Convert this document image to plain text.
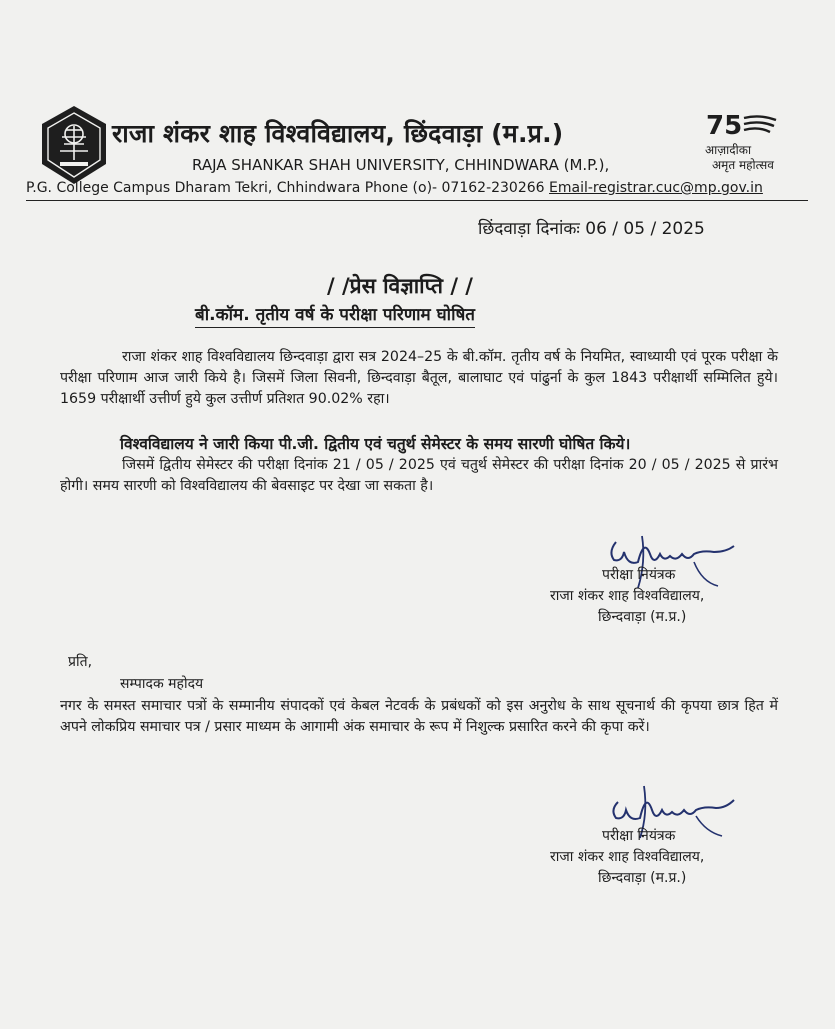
राजा शंकर शाह विश्वविद्यालय, छिंदवाड़ा (म.प्र.)
RAJA SHANKAR SHAH UNIVERSITY, CHHINDWARA (M.P.),
P.G. College Campus Dharam Tekri, Chhindwara Phone (o)- 07162-230266 Email-registrar.cuc@mp.gov.in
75
आज़ादीका
अमृत महोत्सव
छिंदवाड़ा दिनांकः 06 / 05 / 2025
/ /प्रेस विज्ञाप्ति / /
बी.कॉम. तृतीय वर्ष के परीक्षा परिणाम घोषित
राजा शंकर शाह विश्वविद्यालय छिन्दवाड़ा द्वारा सत्र 2024–25 के बी.कॉम. तृतीय वर्ष के नियमित, स्वाध्यायी एवं पूरक परीक्षा के परीक्षा परिणाम आज जारी किये है। जिसमें जिला सिवनी, छिन्दवाड़ा बैतूल, बालाघाट एवं पांढुर्ना के कुल 1843 परीक्षार्थी सम्मिलित हुये। 1659 परीक्षार्थी उत्तीर्ण हुये कुल उत्तीर्ण प्रतिशत 90.02% रहा।
विश्वविद्यालय ने जारी किया पी.जी. द्वितीय एवं चतुर्थ सेमेस्टर के समय सारणी घोषित किये।
जिसमें द्वितीय सेमेस्टर की परीक्षा दिनांक 21 / 05 / 2025 एवं चतुर्थ सेमेस्टर की परीक्षा दिनांक 20 / 05 / 2025 से प्रारंभ होगी। समय सारणी को विश्वविद्यालय की बेवसाइट पर देखा जा सकता है।
परीक्षा नियंत्रक
राजा शंकर शाह विश्वविद्यालय,
छिन्दवाड़ा (म.प्र.)
प्रति,
सम्पादक महोदय
नगर के समस्त समाचार पत्रों के सम्मानीय संपादकों एवं केबल नेटवर्क के प्रबंधकों को इस अनुरोध के साथ सूचनार्थ की कृपया छात्र हित में अपने लोकप्रिय समाचार पत्र / प्रसार माध्यम के आगामी अंक समाचार के रूप में निशुल्क प्रसारित करने की कृपा करें।
परीक्षा नियंत्रक
राजा शंकर शाह विश्वविद्यालय,
छिन्दवाड़ा (म.प्र.)
